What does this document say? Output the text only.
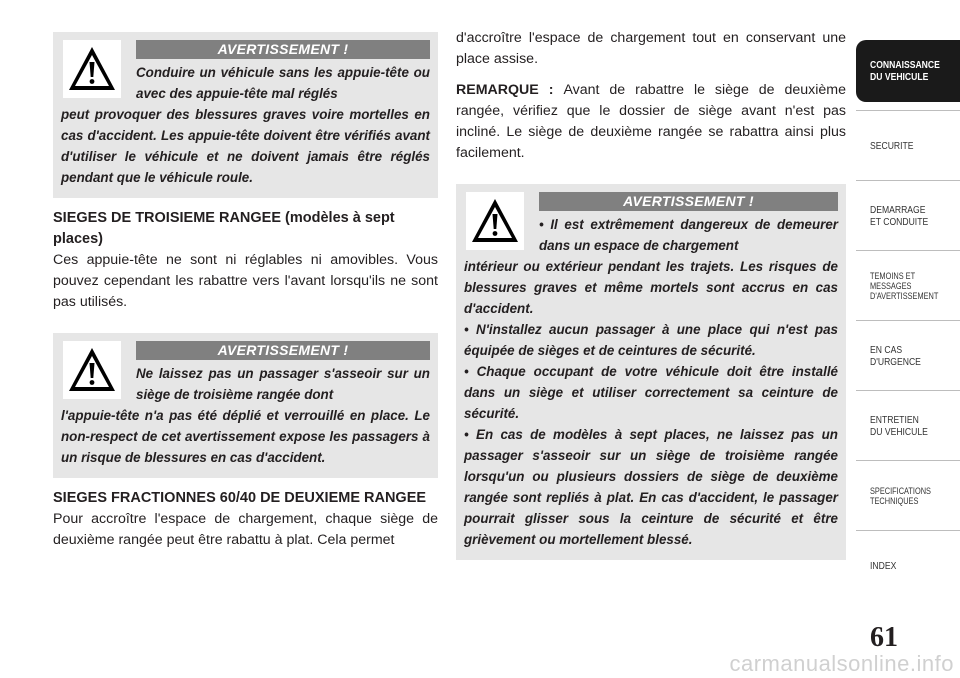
AVERTISSEMENT !
Conduire un véhicule sans les appuie-tête ou avec des appuie-tête mal réglés
peut provoquer des blessures graves voire mortelles en cas d'accident. Les appuie-tête doivent être vérifiés avant d'utiliser le véhicule et ne doivent jamais être réglés pendant que le véhicule roule.
SIEGES DE TROISIEME RANGEE (modèles à sept places)

Ces appuie-tête ne sont ni réglables ni amovibles. Vous pouvez cependant les rabattre vers l'avant lorsqu'ils ne sont pas utilisés.

AVERTISSEMENT !
Ne laissez pas un passager s'asseoir sur un siège de troisième rangée dont
l'appuie-tête n'a pas été déplié et verrouillé en place. Le non-respect de cet avertissement expose les passagers à un risque de blessures en cas d'accident.
SIEGES FRACTIONNES 60/40 DE DEUXIEME RANGEE

Pour accroître l'espace de chargement, chaque siège de deuxième rangée peut être rabattu à plat. Cela permet

d'accroître l'espace de chargement tout en conservant une place assise.

REMARQUE : Avant de rabattre le siège de deuxième rangée, vérifiez que le dossier de siège avant n'est pas incliné. Le siège de deuxième rangée se rabattra ainsi plus facilement.

AVERTISSEMENT !
• Il est extrêmement dangereux de demeurer dans un espace de chargement
intérieur ou extérieur pendant les trajets. Les risques de blessures graves et même mortels sont accrus en cas d'accident.
• N'installez aucun passager à une place qui n'est pas équipée de sièges et de ceintures de sécurité.
• Chaque occupant de votre véhicule doit être installé dans un siège et utiliser correctement sa ceinture de sécurité.
• En cas de modèles à sept places, ne laissez pas un passager s'asseoir sur un siège de troisième rangée lorsqu'un ou plusieurs dossiers de siège de deuxième rangée sont repliés à plat. En cas d'accident, le passager pourrait glisser sous la ceinture de sécurité et être grièvement ou mortellement blessé.
CONNAISSANCE
DU VEHICULE
SECURITE
DEMARRAGE
ET CONDUITE
TEMOINS ET
MESSAGES
D'AVERTISSEMENT
EN CAS
D'URGENCE
ENTRETIEN
DU VEHICULE
SPECIFICATIONS
TECHNIQUES
INDEX
61
carmanualsonline.info
